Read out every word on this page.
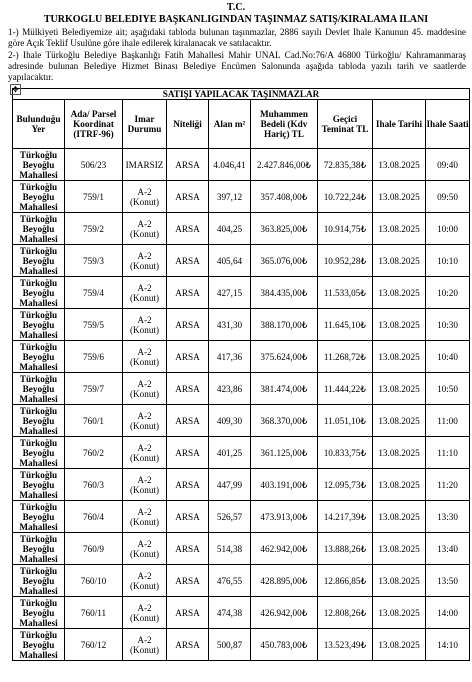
T.C.
TURKOGLU BELEDIYE BAŞKANLIGINDAN TAŞINMAZ SATIŞ/KIRALAMA ILANI

1-) Mülkiyeti Belediyemize ait; aşağıdaki tabloda bulunan taşınmazlar, 2886 sayılı Devlet Ihale Kanunun 45. maddesine göre Açık Teklif Usulüne göre ihale edilerek kiralanacak ve satılacaktır.

2-) Ihale Türkoğlu Belediye Başkanlığı Fatih Mahallesi Mahir UNAL Cad.No:76/A 46800 Türkoğlu/ Kahramanmaraş adresinde bulunan Belediye Hizmet Binası Belediye Encümen Salonunda aşağıda tabloda yazılı tarih ve saatlerde yapılacaktır.

✥	SATIŞI YAPILACAK TAŞINMAZLAR								
Bulunduğu Yer	Ada/ Parsel Koordinat (ITRF-96)	Imar Durumu	Niteliği	Alan m²	Muhammen Bedeli (Kdv Hariç) TL	Geçici Teminat TL	Ihale Tarihi	Ihale Saati
Türkoğlu Beyoğlu Mahallesi	506/23	IMARSIZ	ARSA	4.046,41	2.427.846,00₺	72.835,38₺	13.08.2025	09:40
Türkoğlu Beyoğlu Mahallesi	759/1	A-2 (Konut)	ARSA	397,12	357.408,00₺	10.722,24₺	13.08.2025	09:50
Türkoğlu Beyoğlu Mahallesi	759/2	A-2 (Konut)	ARSA	404,25	363.825,00₺	10.914,75₺	13.08.2025	10:00
Türkoğlu Beyoğlu Mahallesi	759/3	A-2 (Konut)	ARSA	405,64	365.076,00₺	10.952,28₺	13.08.2025	10:10
Türkoğlu Beyoğlu Mahallesi	759/4	A-2 (Konut)	ARSA	427,15	384.435,00₺	11.533,05₺	13.08.2025	10:20
Türkoğlu Beyoğlu Mahallesi	759/5	A-2 (Konut)	ARSA	431,30	388.170,00₺	11.645,10₺	13.08.2025	10:30
Türkoğlu Beyoğlu Mahallesi	759/6	A-2 (Konut)	ARSA	417,36	375.624,00₺	11.268,72₺	13.08.2025	10:40
Türkoğlu Beyoğlu Mahallesi	759/7	A-2 (Konut)	ARSA	423,86	381.474,00₺	11.444,22₺	13.08.2025	10:50
Türkoğlu Beyoğlu Mahallesi	760/1	A-2 (Konut)	ARSA	409,30	368.370,00₺	11.051,10₺	13.08.2025	11:00
Türkoğlu Beyoğlu Mahallesi	760/2	A-2 (Konut)	ARSA	401,25	361.125,00₺	10.833,75₺	13.08.2025	11:10
Türkoğlu Beyoğlu Mahallesi	760/3	A-2 (Konut)	ARSA	447,99	403.191,00₺	12.095,73₺	13.08.2025	11:20
Türkoğlu Beyoğlu Mahallesi	760/4	A-2 (Konut)	ARSA	526,57	473.913,00₺	14.217,39₺	13.08.2025	13:30
Türkoğlu Beyoğlu Mahallesi	760/9	A-2 (Konut)	ARSA	514,38	462.942,00₺	13.888,26₺	13.08.2025	13:40
Türkoğlu Beyoğlu Mahallesi	760/10	A-2 (Konut)	ARSA	476,55	428.895,00₺	12.866,85₺	13.08.2025	13:50
Türkoğlu Beyoğlu Mahallesi	760/11	A-2 (Konut)	ARSA	474,38	426.942,00₺	12.808,26₺	13.08.2025	14:00
Türkoğlu Beyoğlu Mahallesi	760/12	A-2 (Konut)	ARSA	500,87	450.783,00₺	13.523,49₺	13.08.2025	14:10
